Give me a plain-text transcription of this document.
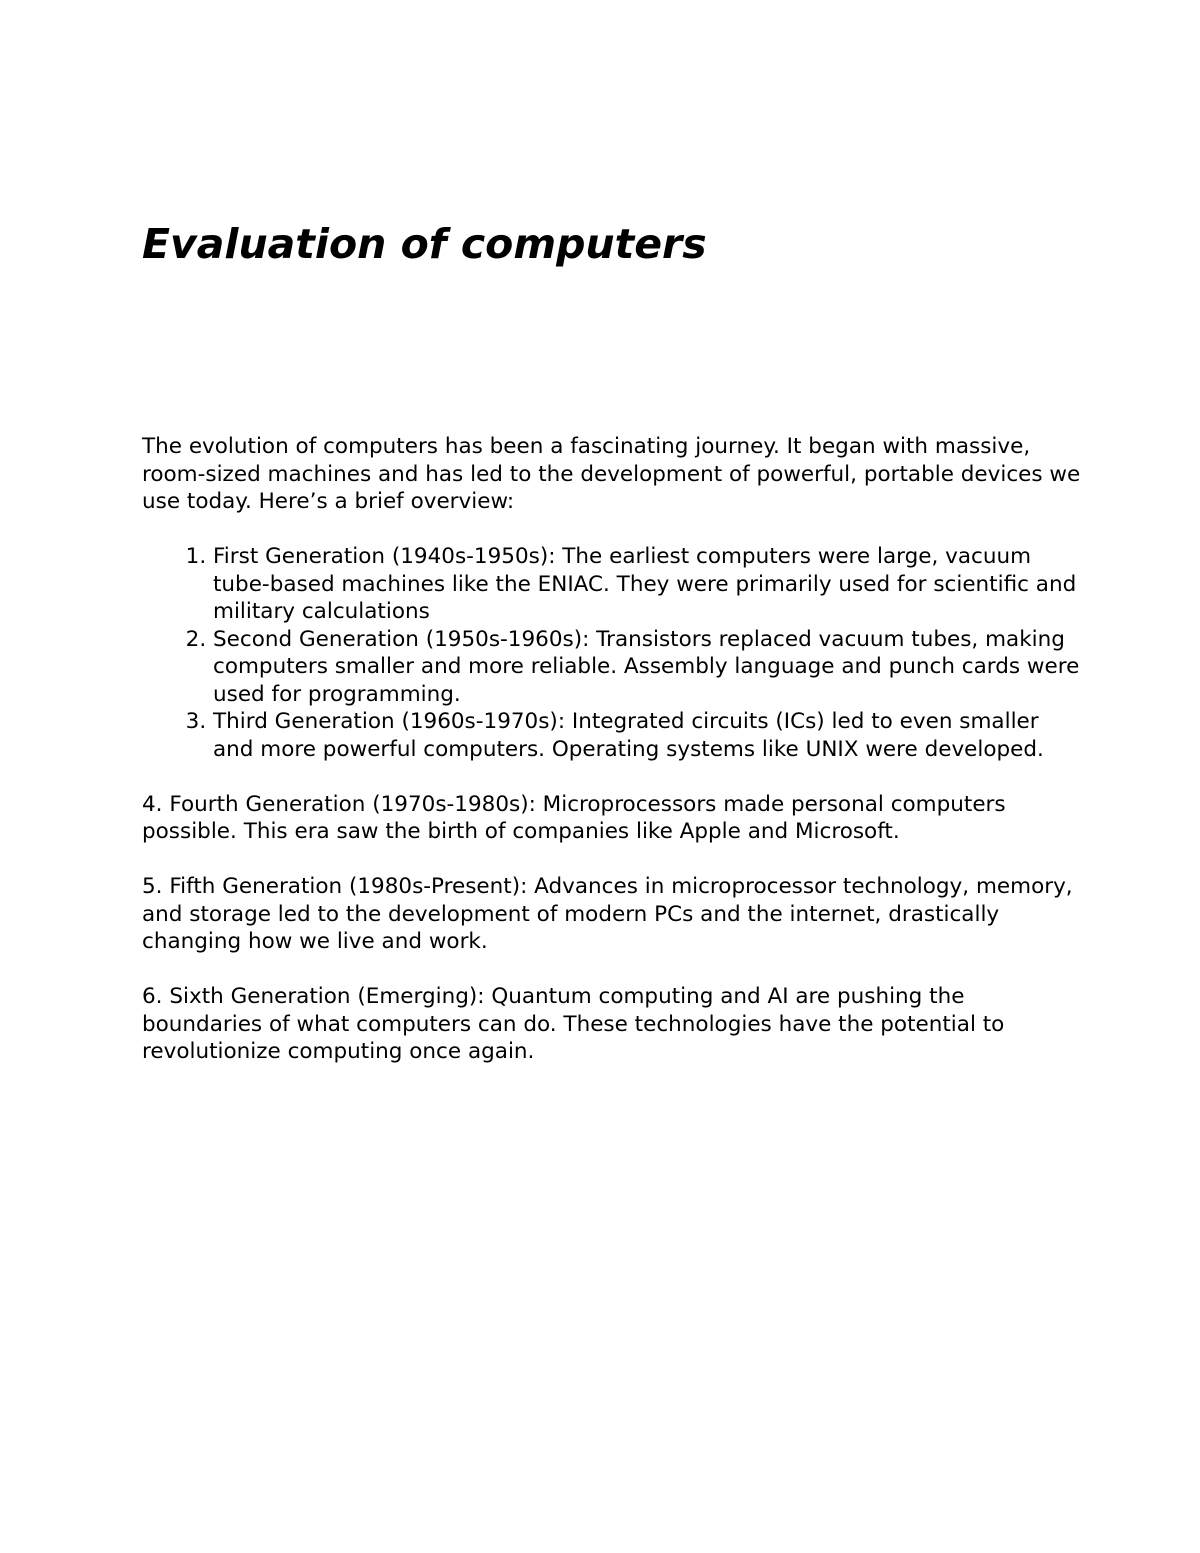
Evaluation of computers

The evolution of computers has been a fascinating journey. It began with massive, room-sized machines and has led to the development of powerful, portable devices we use today. Here’s a brief overview:

1. First Generation (1940s-1950s): The earliest computers were large, vacuum tube-based machines like the ENIAC. They were primarily used for scientific and military calculations
2. Second Generation (1950s-1960s): Transistors replaced vacuum tubes, making computers smaller and more reliable. Assembly language and punch cards were used for programming.
3. Third Generation (1960s-1970s): Integrated circuits (ICs) led to even smaller and more powerful computers. Operating systems like UNIX were developed.

4. Fourth Generation (1970s-1980s): Microprocessors made personal computers possible. This era saw the birth of companies like Apple and Microsoft.

5. Fifth Generation (1980s-Present): Advances in microprocessor technology, memory, and storage led to the development of modern PCs and the internet, drastically changing how we live and work.

6. Sixth Generation (Emerging): Quantum computing and AI are pushing the boundaries of what computers can do. These technologies have the potential to revolutionize computing once again.
